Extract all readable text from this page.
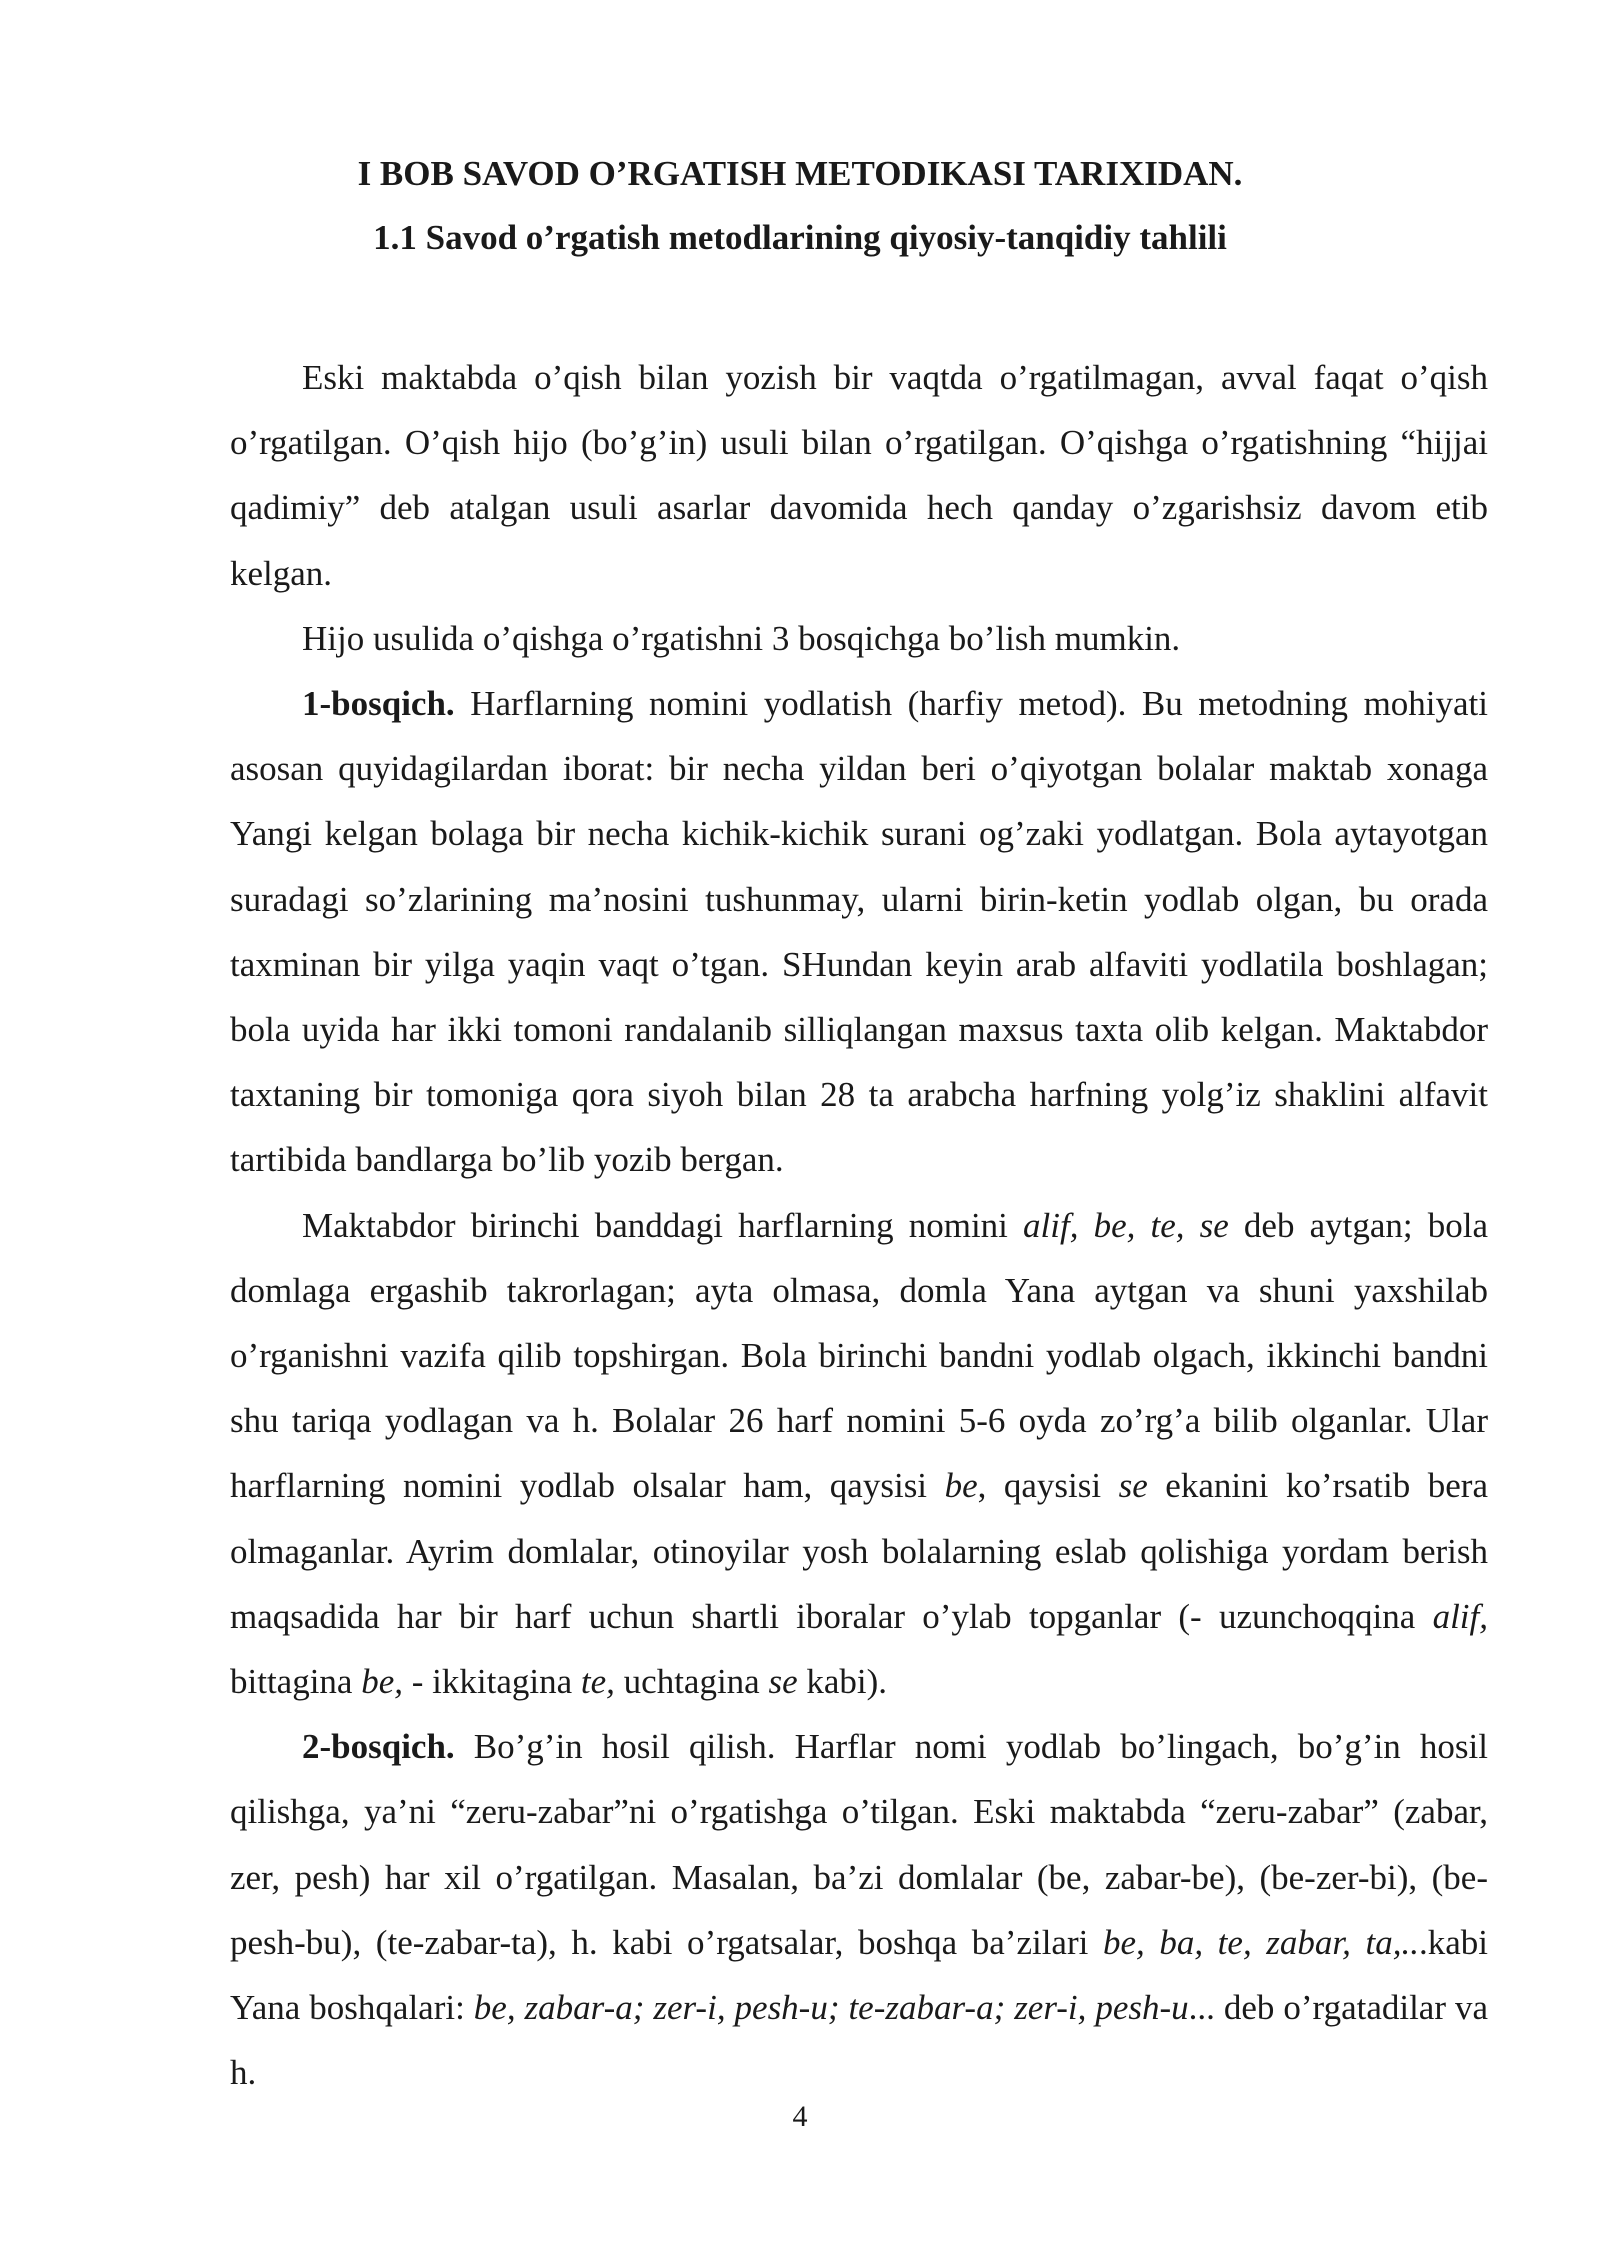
I BOB SAVOD O’RGATISH METODIKASI TARIXIDAN.
1.1 Savod o’rgatish metodlarining qiyosiy-tanqidiy tahlili

Eski maktabda o’qish bilan yozish bir vaqtda o’rgatilmagan, avval faqat o’qish o’rgatilgan. O’qish hijo (bo’g’in) usuli bilan o’rgatilgan. O’qishga o’rgatishning “hijjai qadimiy” deb atalgan usuli asarlar davomida hech qanday o’zgarishsiz davom etib kelgan.

Hijo usulida o’qishga o’rgatishni 3 bosqichga bo’lish mumkin.

1-bosqich. Harflarning nomini yodlatish (harfiy metod). Bu metodning mohiyati asosan quyidagilardan iborat: bir necha yildan beri o’qiyotgan bolalar maktab xonaga Yangi kelgan bolaga bir necha kichik-kichik surani og’zaki yodlatgan. Bola aytayotgan suradagi so’zlarining ma’nosini tushunmay, ularni birin-ketin yodlab olgan, bu orada taxminan bir yilga yaqin vaqt o’tgan. SHundan keyin arab alfaviti yodlatila boshlagan; bola uyida har ikki tomoni randalanib silliqlangan maxsus taxta olib kelgan. Maktabdor taxtaning bir tomoniga qora siyoh bilan 28 ta arabcha harfning yolg’iz shaklini alfavit tartibida bandlarga bo’lib yozib bergan.

Maktabdor birinchi banddagi harflarning nomini alif, be, te, se deb aytgan; bola domlaga ergashib takrorlagan; ayta olmasa, domla Yana aytgan va shuni yaxshilab o’rganishni vazifa qilib topshirgan. Bola birinchi bandni yodlab olgach, ikkinchi bandni shu tariqa yodlagan va h. Bolalar 26 harf nomini 5-6 oyda zo’rg’a bilib olganlar. Ular harflarning nomini yodlab olsalar ham, qaysisi be, qaysisi se ekanini ko’rsatib bera olmaganlar. Ayrim domlalar, otinoyilar yosh bolalarning eslab qolishiga yordam berish maqsadida har bir harf uchun shartli iboralar o’ylab topganlar (- uzunchoqqina alif, bittagina be, - ikkitagina te, uchtagina se kabi).

2-bosqich. Bo’g’in hosil qilish. Harflar nomi yodlab bo’lingach, bo’g’in hosil qilishga, ya’ni “zeru-zabar”ni o’rgatishga o’tilgan. Eski maktabda “zeru-zabar” (zabar, zer, pesh) har xil o’rgatilgan. Masalan, ba’zi domlalar (be, zabar-be), (be-zer-bi), (be-pesh-bu), (te-zabar-ta), h. kabi o’rgatsalar, boshqa ba’zilari be, ba, te, zabar, ta,...kabi Yana boshqalari: be, zabar-a; zer-i, pesh-u; te-zabar-a; zer-i, pesh-u... deb o’rgatadilar va h.

4
